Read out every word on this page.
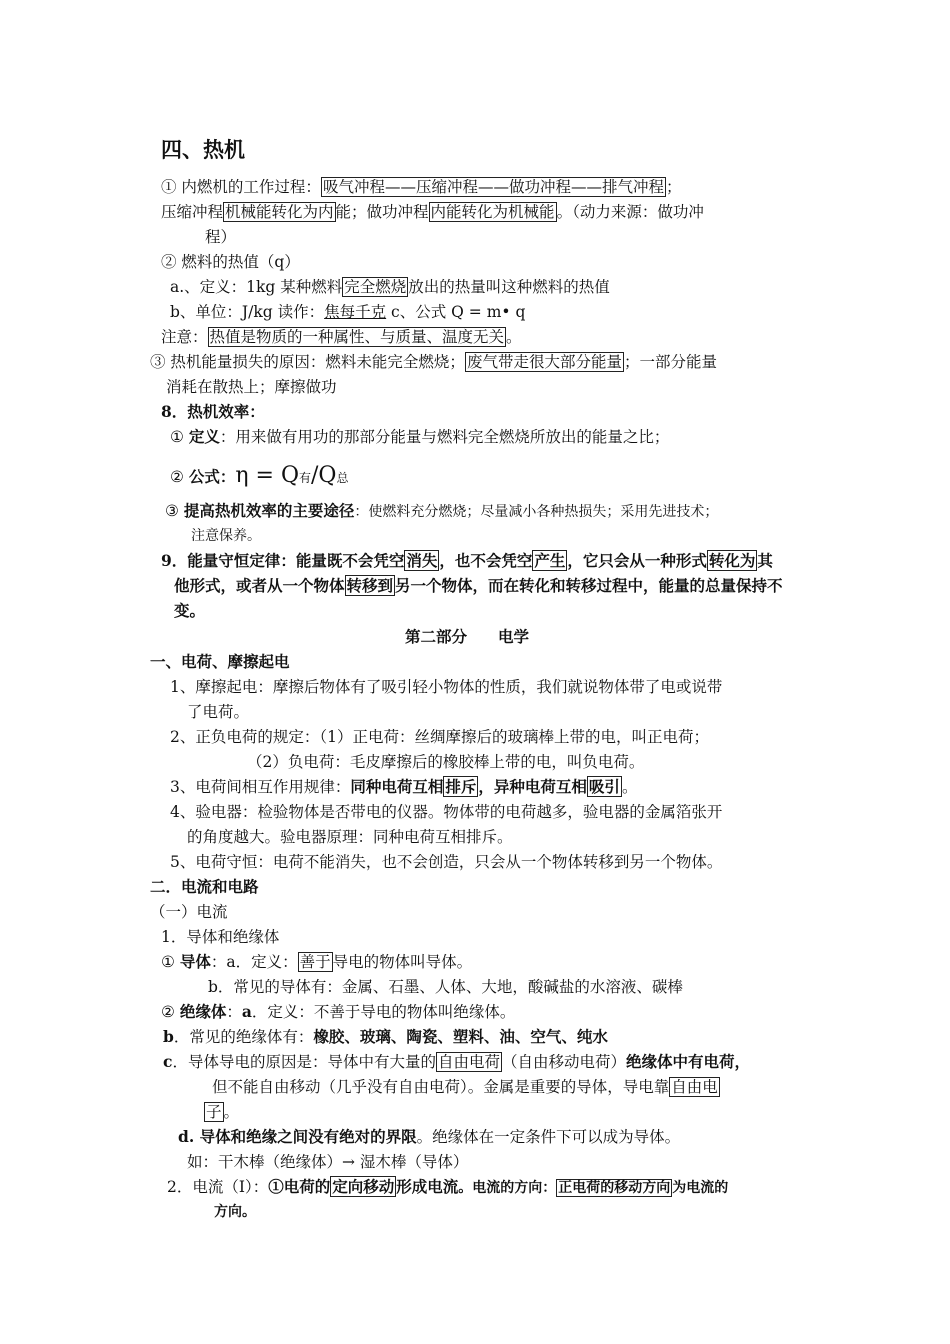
四、热机
① 内燃机的工作过程： 吸气冲程——压缩冲程——做功冲程——排气冲程 ；
压缩冲程 机械能转化为内 能；做功冲程 内能转化为机械能 。（动力来源：做功冲
程）
② 燃料的热值（q）
a.、定义：1kg 某种燃料 完全燃烧 放出的热量叫这种燃料的热值
b、单位：J/kg 读作：焦每千克 c、公式 Q = m• q
注意： 热值是物质的一种属性、与质量、温度无关 。
③ 热机能量损失的原因：燃料未能完全燃烧； 废气带走很大部分能量 ；一部分能量
消耗在散热上；摩擦做功
8．热机效率：
① 定义：用来做有用功的那部分能量与燃料完全燃烧所放出的能量之比；
② 公式：η = Q有/Q总
③ 提高热机效率的主要途径：使燃料充分燃烧；尽量减小各种热损失；采用先进技术；
注意保养。
9．能量守恒定律：能量既不会凭空 消失 ，也不会凭空 产生 ，它只会从一种形式 转化为 其
他形式，或者从一个物体 转移到 另一个物体，而在转化和转移过程中，能量的总量保持不
变。
第二部分　　电学
一、电荷、摩擦起电
1、摩擦起电：摩擦后物体有了吸引轻小物体的性质，我们就说物体带了电或说带
了电荷。
2、正负电荷的规定：（1）正电荷：丝绸摩擦后的玻璃棒上带的电，叫正电荷；
（2）负电荷：毛皮摩擦后的橡胶棒上带的电，叫负电荷。
3、电荷间相互作用规律：同种电荷互相 排斥 ，异种电荷互相 吸引 。
4、验电器：检验物体是否带电的仪器。物体带的电荷越多，验电器的金属箔张开
的角度越大。验电器原理：同种电荷互相排斥。
5、电荷守恒：电荷不能消失，也不会创造，只会从一个物体转移到另一个物体。
二．电流和电路
（一）电流
1．导体和绝缘体
① 导体：a．定义： 善于 导电的物体叫导体。
b．常见的导体有：金属、石墨、人体、大地，酸碱盐的水溶液、碳棒
② 绝缘体：a．定义：不善于导电的物体叫绝缘体。
b．常见的绝缘体有：橡胶、玻璃、陶瓷、塑料、油、空气、纯水
c．导体导电的原因是：导体中有大量的 自由电荷 （自由移动电荷）绝缘体中有电荷，
但不能自由移动（几乎没有自由电荷）。金属是重要的导体，导电靠 自由电
子 。
d. 导体和绝缘之间没有绝对的界限。绝缘体在一定条件下可以成为导体。
如：干木棒（绝缘体）→ 湿木棒（导体）
2．电流（I）：①电荷的 定向移动 形成电流。电流的方向： 正电荷的移动方向 为电流的
方向。
